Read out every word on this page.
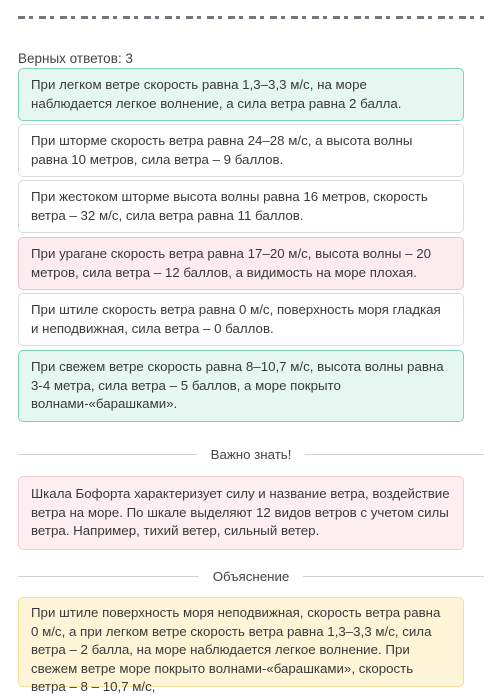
Верных ответов: 3
При легком ветре скорость равна 1,3–3,3 м/с, на море наблюдается легкое волнение, а сила ветра равна 2 балла.
При шторме скорость ветра равна 24–28 м/с, а высота волны равна 10 метров, сила ветра – 9 баллов.
При жестоком шторме высота волны равна 16 метров, скорость ветра – 32 м/с, сила ветра равна 11 баллов.
При урагане скорость ветра равна 17–20 м/с, высота волны – 20 метров, сила ветра – 12 баллов, а видимость на море плохая.
При штиле скорость ветра равна 0 м/с, поверхность моря гладкая и неподвижная, сила ветра – 0 баллов.
При свежем ветре скорость равна 8–10,7 м/с, высота волны равна 3-4 метра, сила ветра – 5 баллов, а море покрыто волнами-«барашками».
Важно знать!
Шкала Бофорта характеризует силу и название ветра, воздействие ветра на море. По шкале выделяют 12 видов ветров с учетом силы ветра. Например, тихий ветер, сильный ветер.
Объяснение
При штиле поверхность моря неподвижная, скорость ветра равна 0 м/с, а при легком ветре скорость ветра равна 1,3–3,3 м/с, сила ветра – 2 балла, на море наблюдается легкое волнение. При свежем ветре море покрыто волнами-«барашками», скорость ветра – 8 – 10,7 м/с,
